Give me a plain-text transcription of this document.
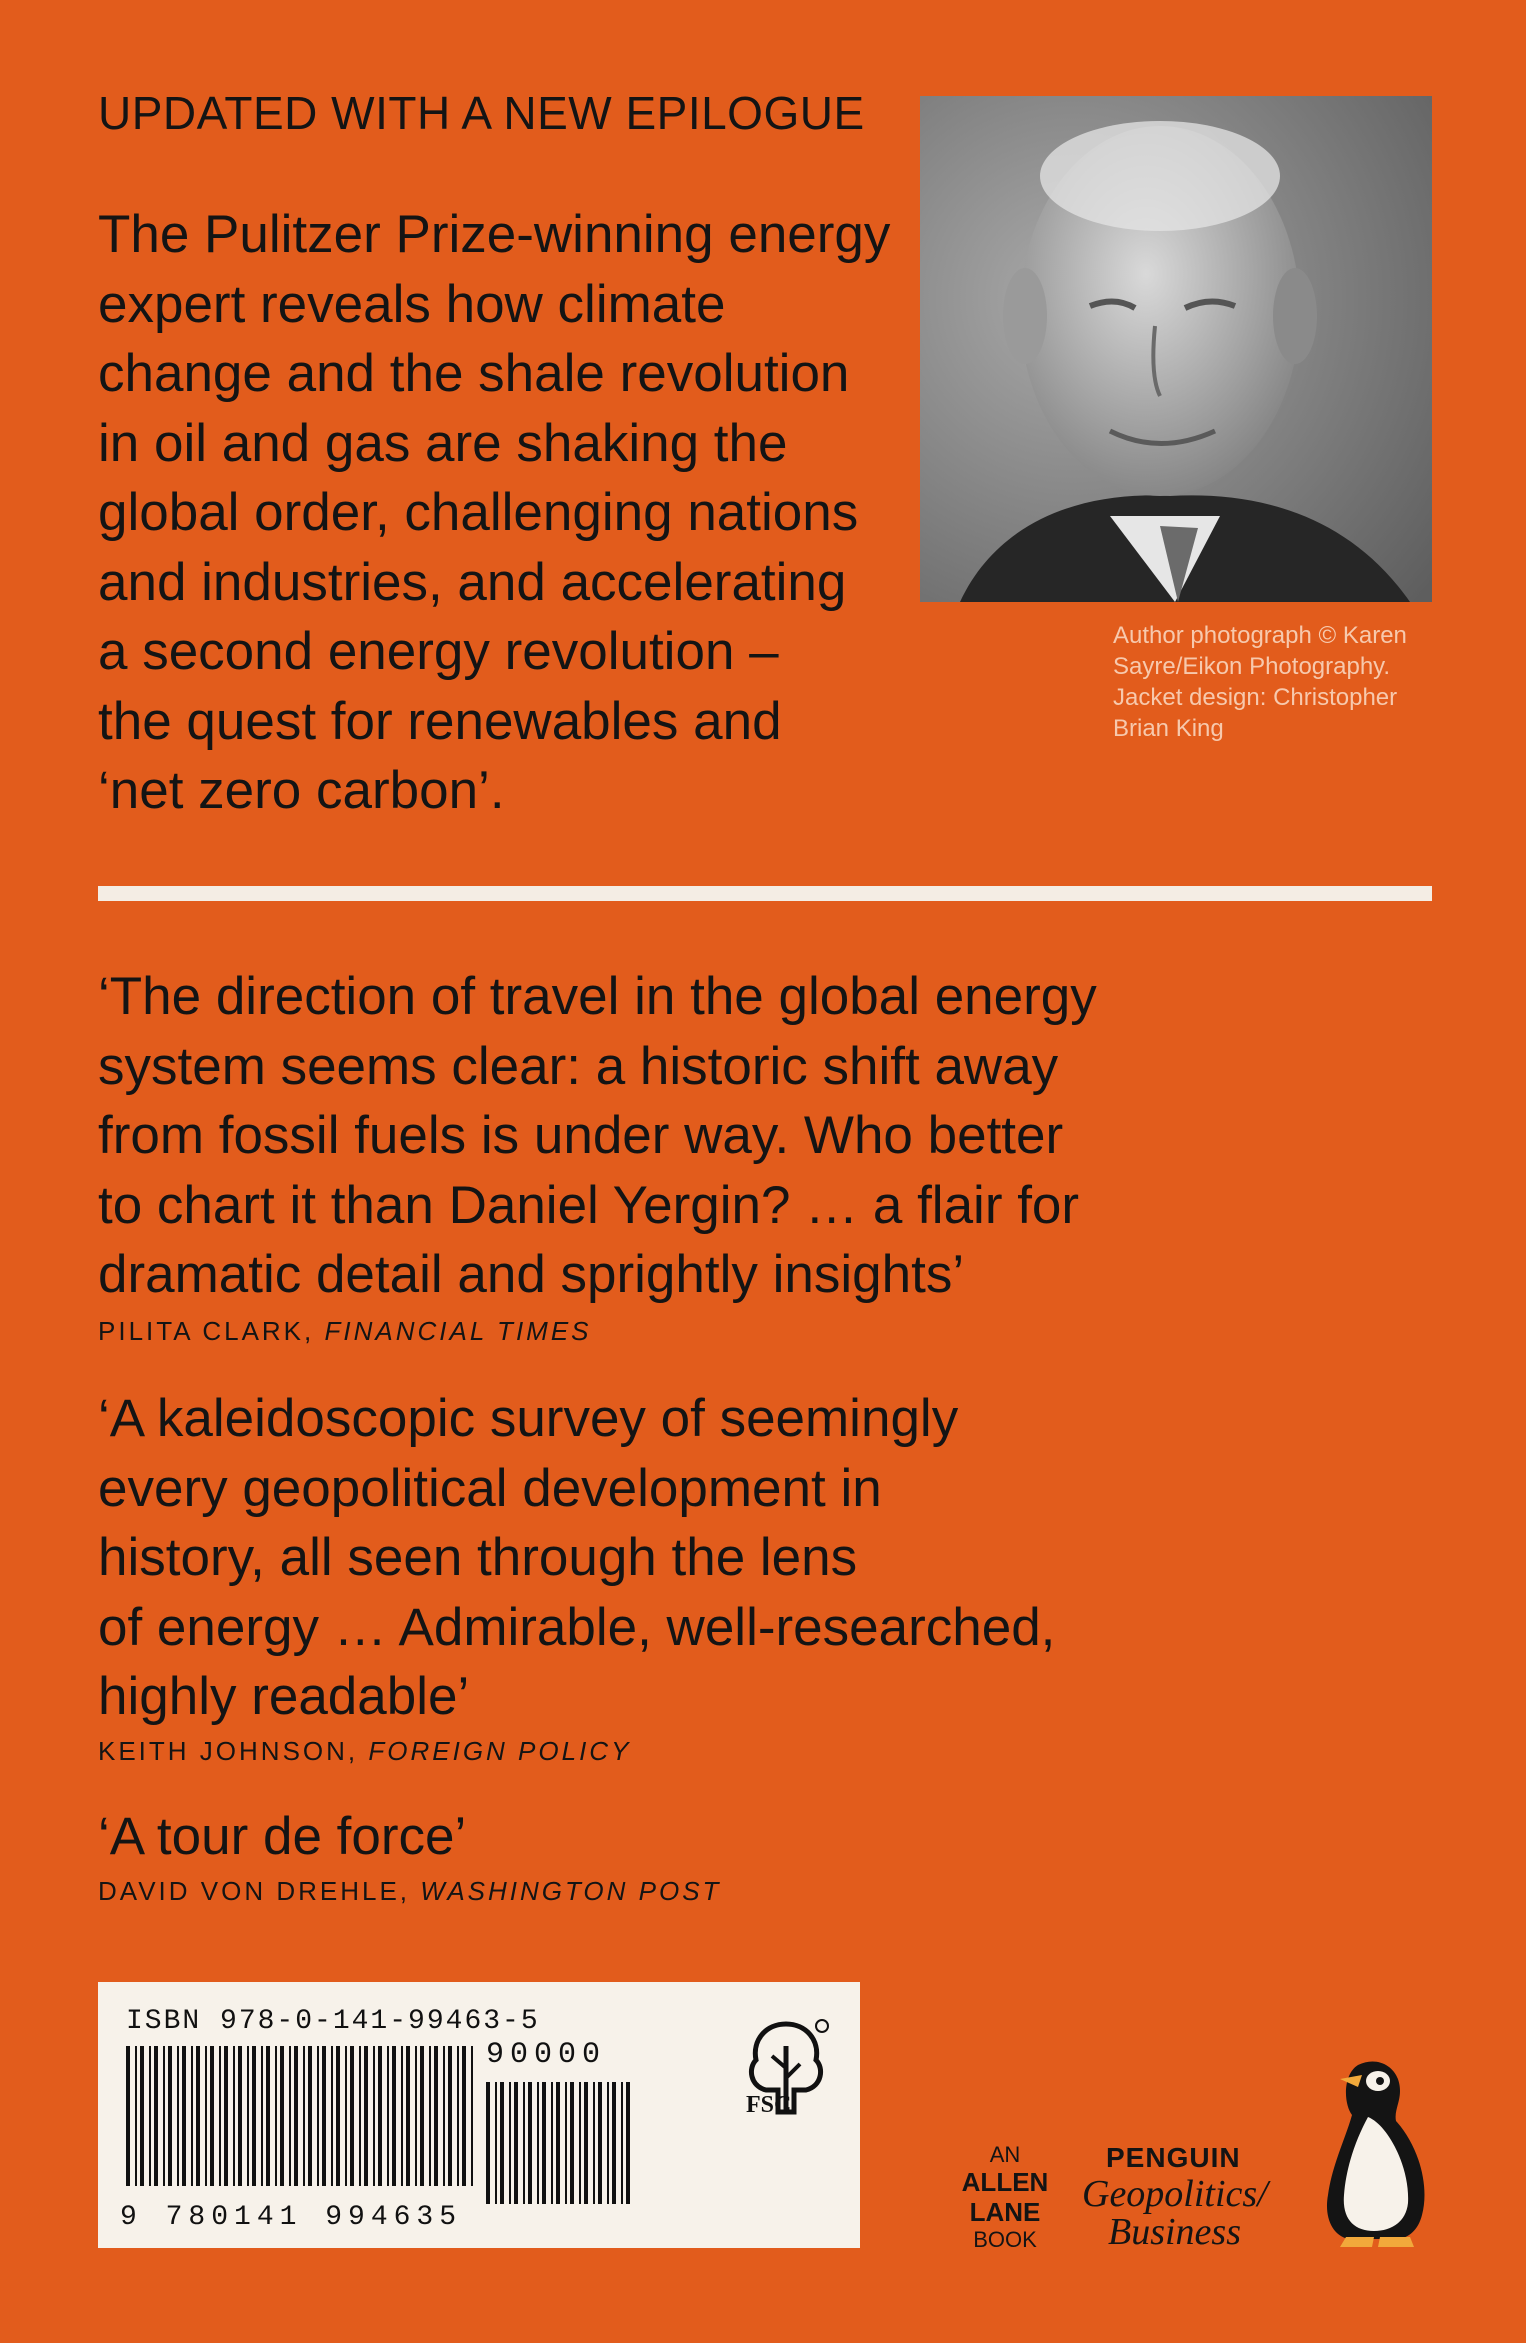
UPDATED WITH A NEW EPILOGUE
The Pulitzer Prize-winning energy
expert reveals how climate
change and the shale revolution
in oil and gas are shaking the
global order, challenging nations
and industries, and accelerating
a second energy revolution –
the quest for renewables and
‘net zero carbon’.
Author photograph © Karen
Sayre/Eikon Photography.
Jacket design: Christopher
Brian King
‘The direction of travel in the global energy
system seems clear: a historic shift away
from fossil fuels is under way. Who better
to chart it than Daniel Yergin? … a flair for
dramatic detail and sprightly insights’
PILITA CLARK, FINANCIAL TIMES
‘A kaleidoscopic survey of seemingly
every geopolitical development in
history, all seen through the lens
of energy … Admirable, well-researched,
highly readable’
KEITH JOHNSON, FOREIGN POLICY
‘A tour de force’
DAVID VON DREHLE, WASHINGTON POST
ISBN 978-0-141-99463-5
90000
9 780141 994635
FSC
AN
ALLEN
LANE
BOOK
PENGUIN
Geopolitics/
Business
